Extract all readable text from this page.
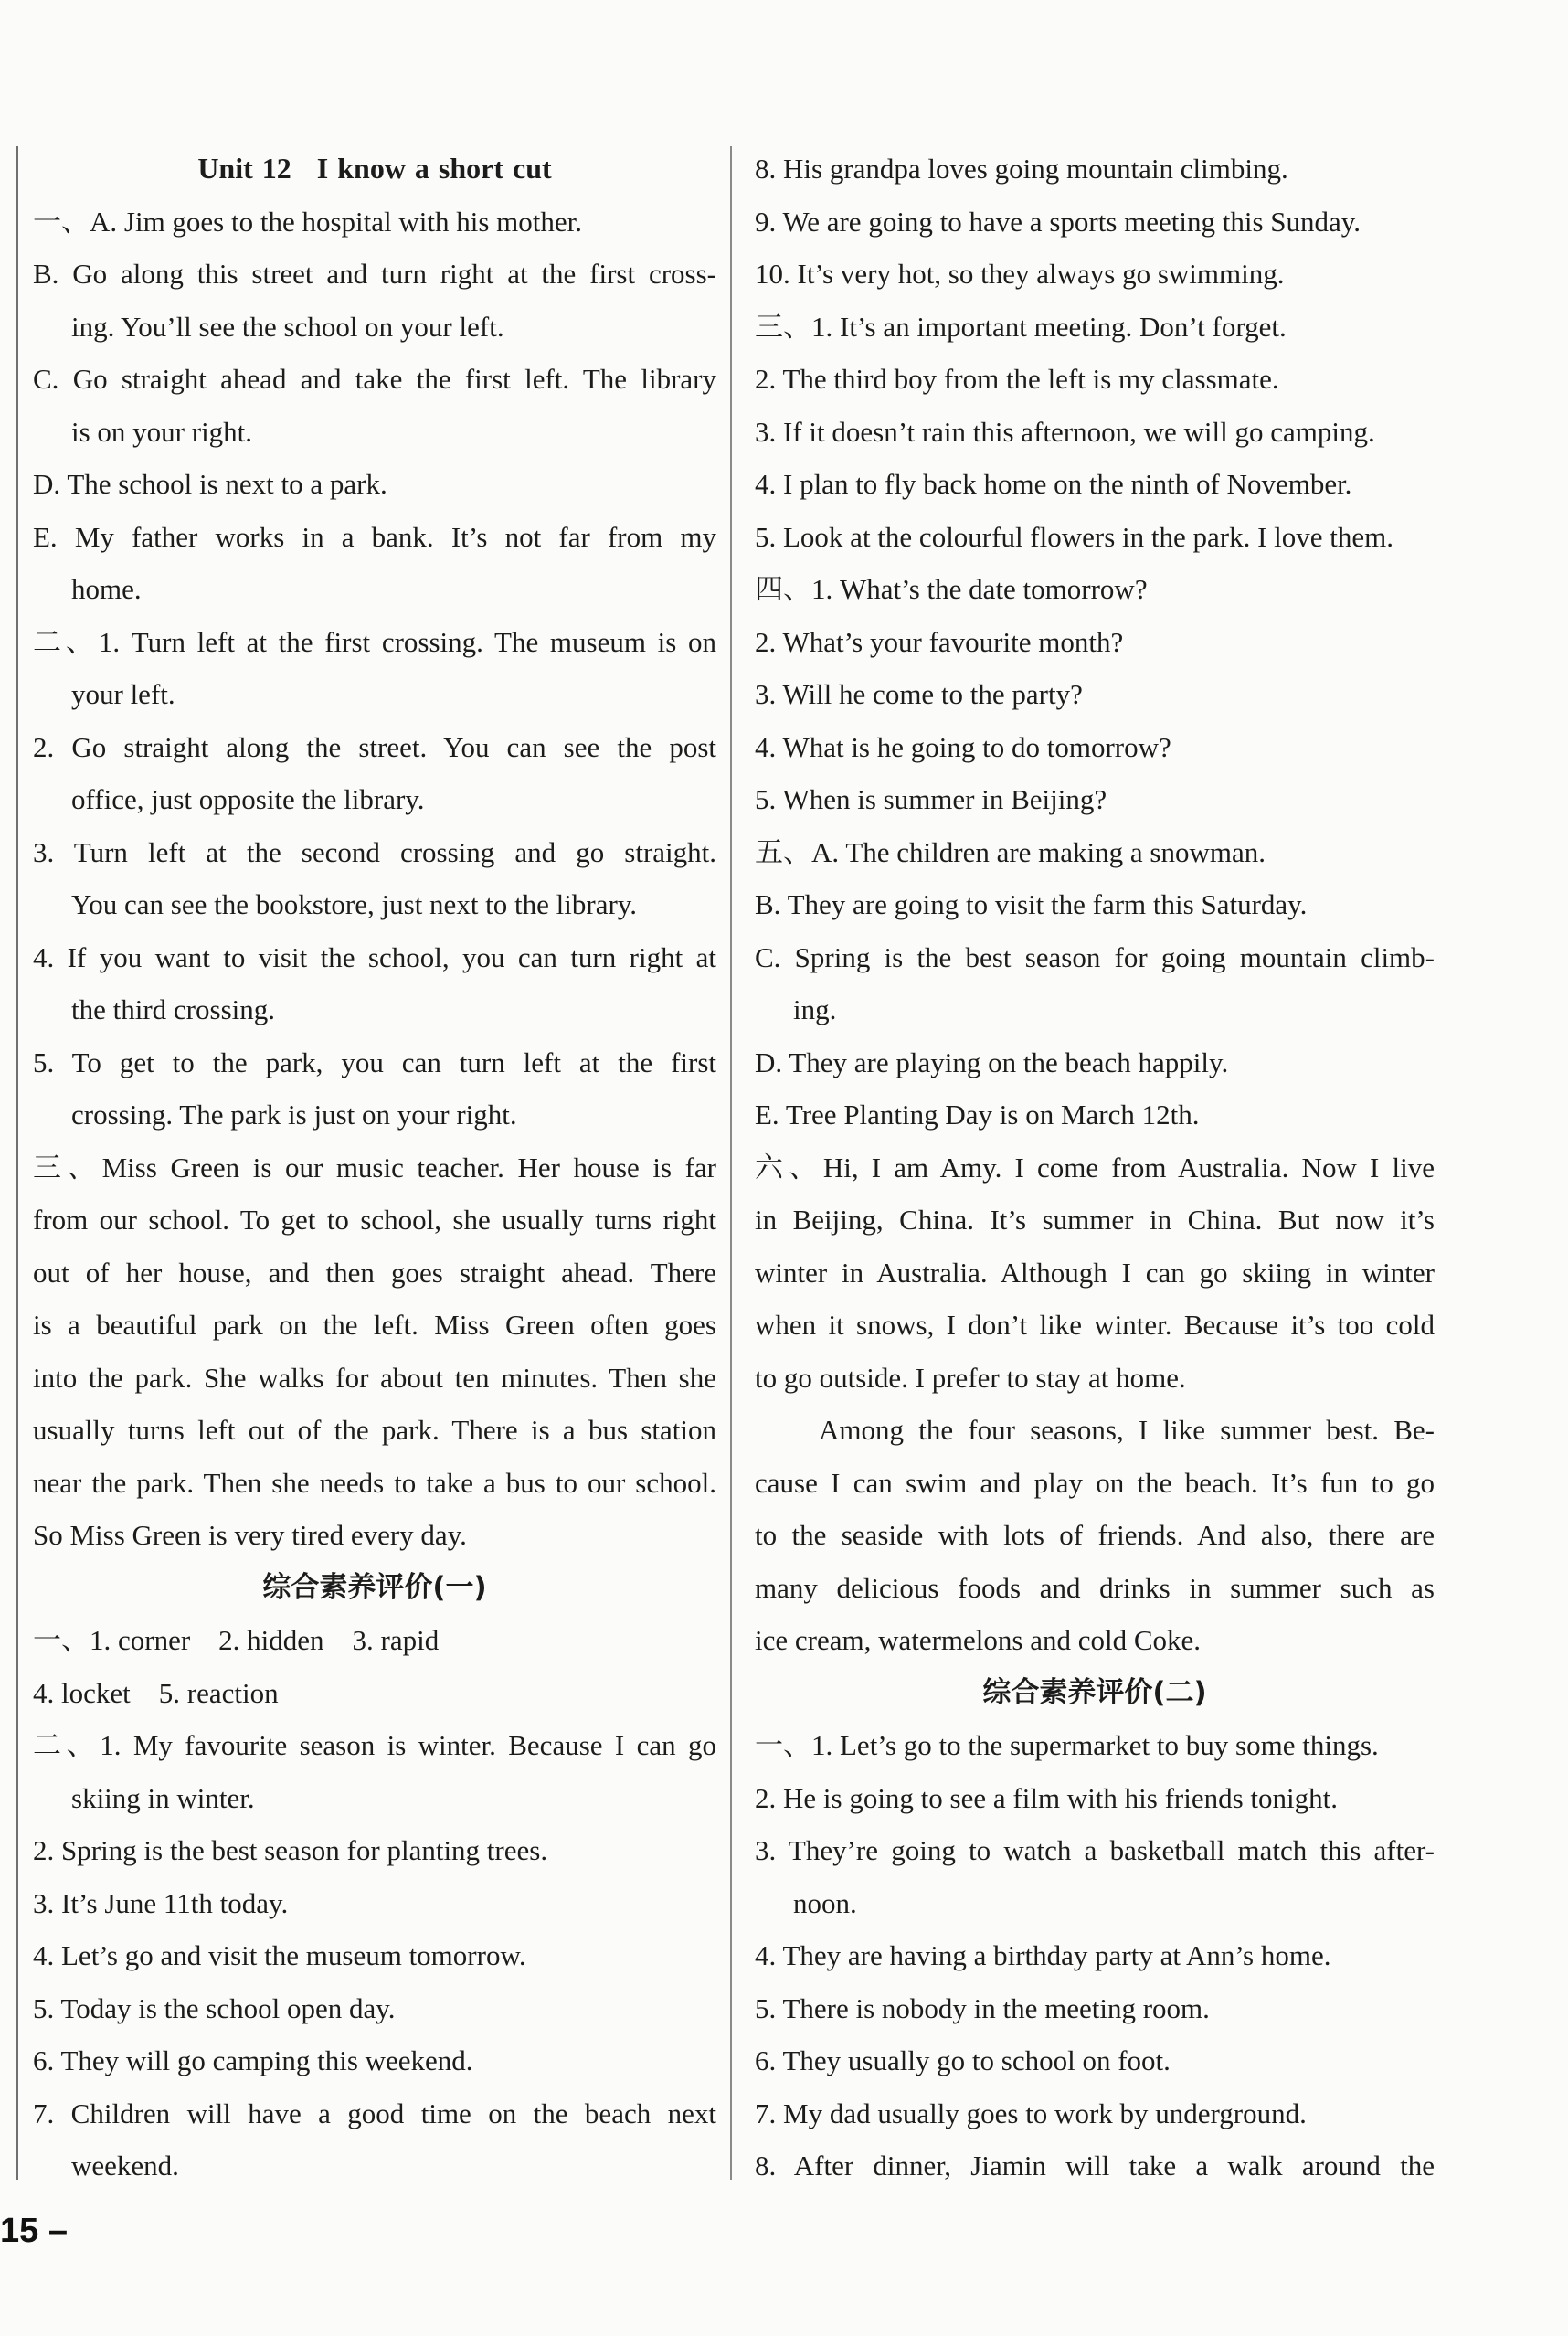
Unit 12 I know a short cut
一、A. Jim goes to the hospital with his mother.
B. Go along this street and turn right at the first cross-
ing. You’ll see the school on your left.
C. Go straight ahead and take the first left. The library
is on your right.
D. The school is next to a park.
E. My father works in a bank. It’s not far from my
home.
二、1. Turn left at the first crossing. The museum is on
your left.
2. Go straight along the street. You can see the post
office, just opposite the library.
3. Turn left at the second crossing and go straight.
You can see the bookstore, just next to the library.
4. If you want to visit the school, you can turn right at
the third crossing.
5. To get to the park, you can turn left at the first
crossing. The park is just on your right.
三、Miss Green is our music teacher. Her house is far
from our school. To get to school, she usually turns right
out of her house, and then goes straight ahead. There
is a beautiful park on the left. Miss Green often goes
into the park. She walks for about ten minutes. Then she
usually turns left out of the park. There is a bus station
near the park. Then she needs to take a bus to our school.
So Miss Green is very tired every day.
综合素养评价(一)
一、1. corner    2. hidden    3. rapid
4. locket    5. reaction
二、1. My favourite season is winter. Because I can go
skiing in winter.
2. Spring is the best season for planting trees.
3. It’s June 11th today.
4. Let’s go and visit the museum tomorrow.
5. Today is the school open day.
6. They will go camping this weekend.
7. Children will have a good time on the beach next
weekend.
8. His grandpa loves going mountain climbing.
9. We are going to have a sports meeting this Sunday.
10. It’s very hot, so they always go swimming.
三、1. It’s an important meeting. Don’t forget.
2. The third boy from the left is my classmate.
3. If it doesn’t rain this afternoon, we will go camping.
4. I plan to fly back home on the ninth of November.
5. Look at the colourful flowers in the park. I love them.
四、1. What’s the date tomorrow?
2. What’s your favourite month?
3. Will he come to the party?
4. What is he going to do tomorrow?
5. When is summer in Beijing?
五、A. The children are making a snowman.
B. They are going to visit the farm this Saturday.
C. Spring is the best season for going mountain climb-
ing.
D. They are playing on the beach happily.
E. Tree Planting Day is on March 12th.
六、Hi, I am Amy. I come from Australia. Now I live
in Beijing, China. It’s summer in China. But now it’s
winter in Australia. Although I can go skiing in winter
when it snows, I don’t like winter. Because it’s too cold
to go outside. I prefer to stay at home.
Among the four seasons, I like summer best. Be-
cause I can swim and play on the beach. It’s fun to go
to the seaside with lots of friends. And also, there are
many delicious foods and drinks in summer such as
ice cream, watermelons and cold Coke.
综合素养评价(二)
一、1. Let’s go to the supermarket to buy some things.
2. He is going to see a film with his friends tonight.
3. They’re going to watch a basketball match this after-
noon.
4. They are having a birthday party at Ann’s home.
5. There is nobody in the meeting room.
6. They usually go to school on foot.
7. My dad usually goes to work by underground.
8. After dinner, Jiamin will take a walk around the
15 –
